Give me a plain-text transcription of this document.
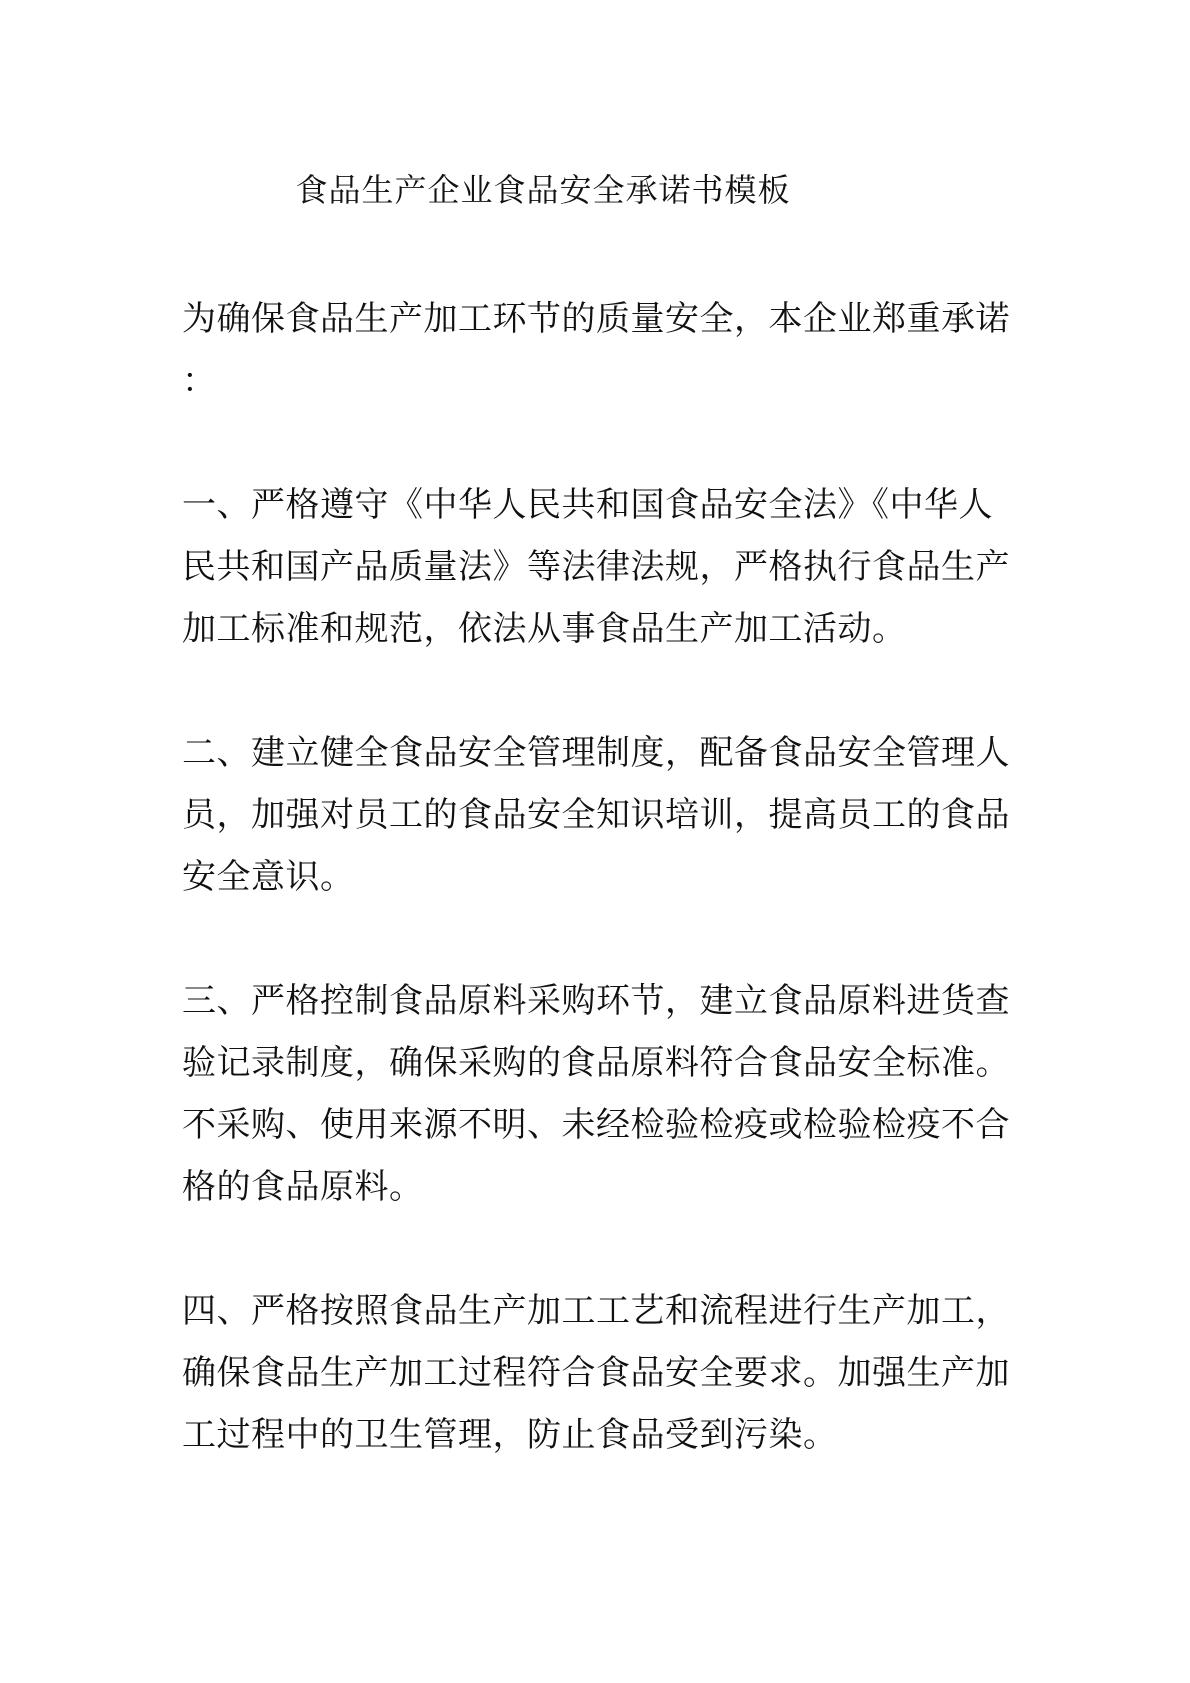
食品生产企业食品安全承诺书模板

为确保食品生产加工环节的质量安全，本企业郑重承诺：

一、严格遵守《中华人民共和国食品安全法》《中华人民共和国产品质量法》等法律法规，严格执行食品生产加工标准和规范，依法从事食品生产加工活动。

二、建立健全食品安全管理制度，配备食品安全管理人员，加强对员工的食品安全知识培训，提高员工的食品安全意识。

三、严格控制食品原料采购环节，建立食品原料进货查验记录制度，确保采购的食品原料符合食品安全标准。不采购、使用来源不明、未经检验检疫或检验检疫不合格的食品原料。

四、严格按照食品生产加工工艺和流程进行生产加工，确保食品生产加工过程符合食品安全要求。加强生产加工过程中的卫生管理，防止食品受到污染。
